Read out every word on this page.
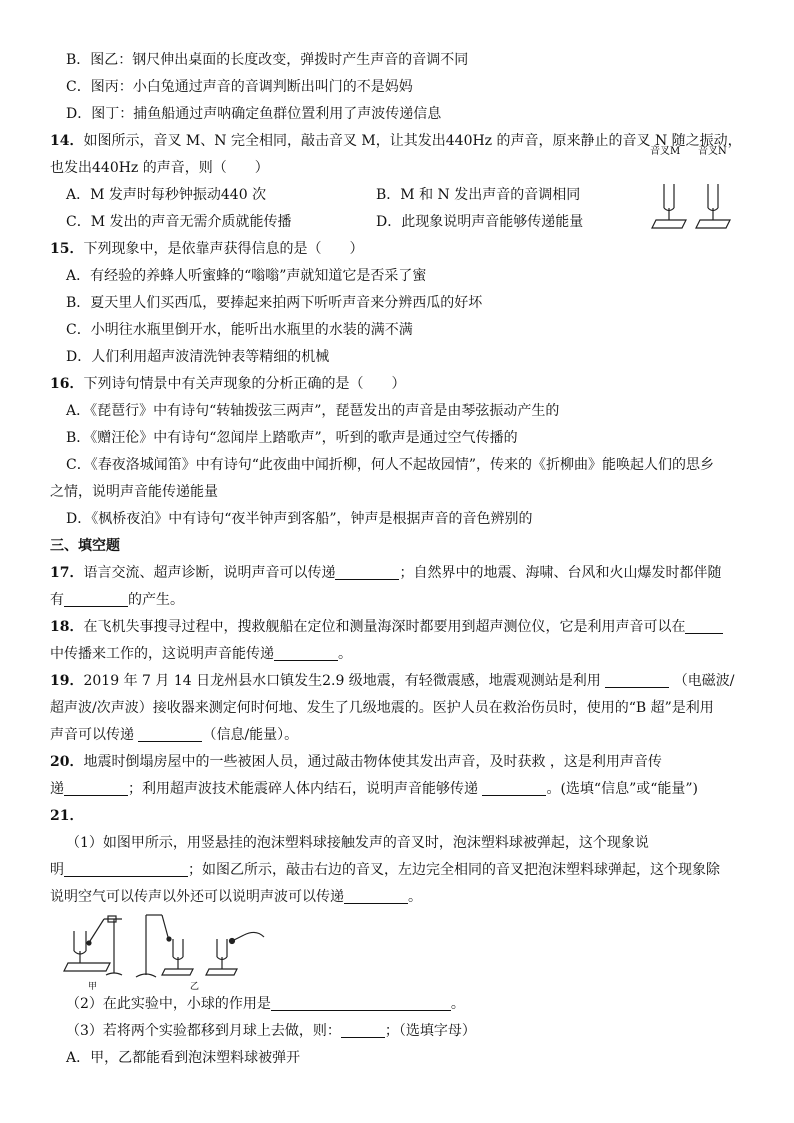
B．图乙：钢尺伸出桌面的长度改变，弹拨时产生声音的音调不同
C．图丙：小白兔通过声音的音调判断出叫门的不是妈妈
D．图丁：捕鱼船通过声呐确定鱼群位置利用了声波传递信息
14．如图所示，音叉 M、N 完全相同，敲击音叉 M，让其发出440Hz 的声音，原来静止的音叉 N 随之振动，
也发出440Hz 的声音，则（　　）
A．M 发声时每秒钟振动440 次	B．M 和 N 发出声音的音调相同
C．M 发出的声音无需介质就能传播	D．此现象说明声音能够传递能量
15．下列现象中，是依靠声获得信息的是（　　）
A．有经验的养蜂人听蜜蜂的“嗡嗡”声就知道它是否采了蜜
B．夏天里人们买西瓜，要捧起来拍两下听听声音来分辨西瓜的好坏
C．小明往水瓶里倒开水，能听出水瓶里的水装的满不满
D．人们利用超声波清洗钟表等精细的机械
16．下列诗句情景中有关声现象的分析正确的是（　　）
A．《琵琶行》中有诗句“转轴拨弦三两声”，琵琶发出的声音是由琴弦振动产生的
B．《赠汪伦》中有诗句“忽闻岸上踏歌声”，听到的歌声是通过空气传播的
C．《春夜洛城闻笛》中有诗句“此夜曲中闻折柳，何人不起故园情”，传来的《折柳曲》能唤起人们的思乡
之情，说明声音能传递能量
D．《枫桥夜泊》中有诗句“夜半钟声到客船”，钟声是根据声音的音色辨别的
三、填空题
17．语言交流、超声诊断，说明声音可以传递	；自然界中的地震、海啸、台风和火山爆发时都伴随
有	的产生。
18．在飞机失事搜寻过程中，搜救舰船在定位和测量海深时都要用到超声测位仪，它是利用声音可以在
中传播来工作的，这说明声音能传递	。
19．2019 年 7 月 14 日龙州县水口镇发生2.9 级地震，有轻微震感，地震观测站是利用	（电磁波/
超声波/次声波）接收器来测定何时何地、发生了几级地震的。医护人员在救治伤员时，使用的“B 超”是利用
声音可以传递	（信息/能量）。
20．地震时倒塌房屋中的一些被困人员，通过敲击物体使其发出声音，及时获救 ，这是利用声音传
递	；利用超声波技术能震碎人体内结石，说明声音能够传递	。(选填“信息”或“能量”)
21．
（1）如图甲所示，用竖悬挂的泡沫塑料球接触发声的音叉时，泡沫塑料球被弹起，这个现象说
明	；如图乙所示，敲击右边的音叉，左边完全相同的音叉把泡沫塑料球弹起，这个现象除
说明空气可以传声以外还可以说明声波可以传递	。
甲	乙
（2）在此实验中，小球的作用是	。
（3）若将两个实验都移到月球上去做，则：	；（选填字母）
A．甲，乙都能看到泡沫塑料球被弹开
音叉M 音叉N
